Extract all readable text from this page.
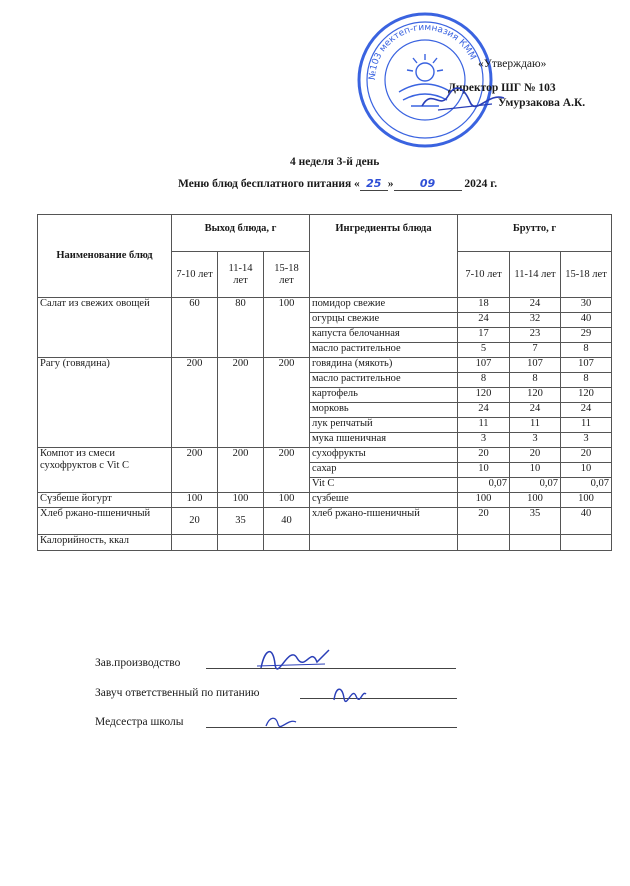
№103 мектеп-гимназия КММ
«Утверждаю»
Директор ШГ № 103
Умурзакова А.К.
4 неделя 3-й день
Меню блюд бесплатного питания « 25 » 09	2024 г.
Наименование блюд	Выход блюда, г			Ингредиенты блюда	Брутто, г		
	7-10 лет	11-14 лет	15-18 лет		7-10 лет	11-14 лет	15-18 лет
Салат из свежих овощей	60	80	100	помидор свежие	18	24	30
				огурцы свежие	24	32	40
				капуста белочанная	17	23	29
				масло растительное	5	7	8
Рагу (говядина)	200	200	200	говядина (мякоть)	107	107	107
				масло растительное	8	8	8
				картофель	120	120	120
				морковь	24	24	24
				лук репчатый	11	11	11
				мука пшеничная	3	3	3
Компот из смеси сухофруктов с Vit C	200	200	200	сухофрукты	20	20	20
				сахар	10	10	10
				Vit C	0,07	0,07	0,07
Сүзбеше йогурт	100	100	100	сүзбеше	100	100	100
Хлеб ржано-пшеничный	20	35	40	хлеб ржано-пшеничный	20	35	40
Калорийность, ккал							
Зав.производство
Завуч ответственный по питанию
Медсестра школы
